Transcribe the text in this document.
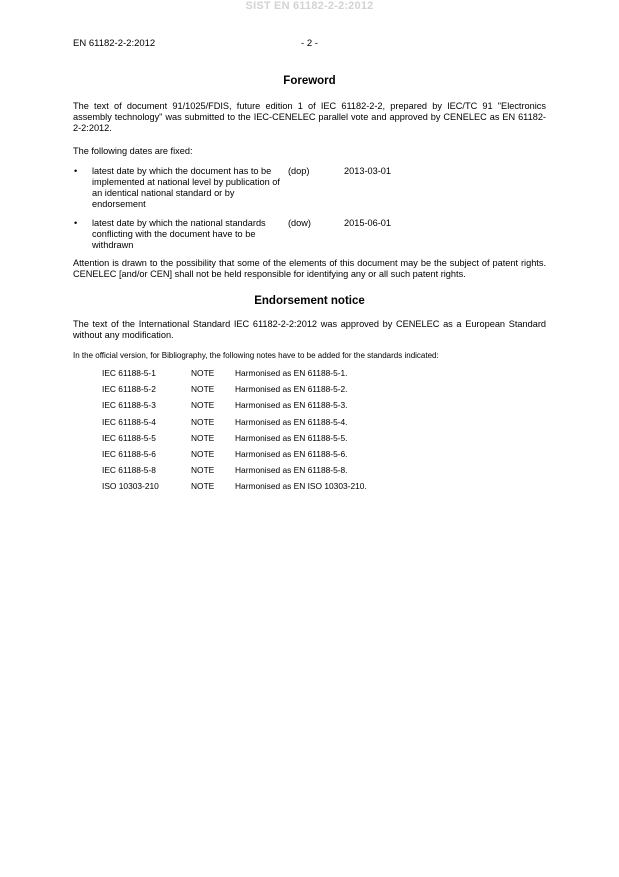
SIST EN 61182-2-2:2012
EN 61182-2-2:2012	- 2 -
Foreword

The text of document 91/1025/FDIS, future edition 1 of IEC 61182-2-2, prepared by IEC/TC 91 "Electronics assembly technology" was submitted to the IEC-CENELEC parallel vote and approved by CENELEC as EN 61182-2-2:2012.

The following dates are fixed:

•	latest date by which the document has to be implemented at national level by publication of an identical national standard or by endorsement
(dop)	2013-03-01
•	latest date by which the national standards conflicting with the document have to be withdrawn
(dow)	2015-06-01

Attention is drawn to the possibility that some of the elements of this document may be the subject of patent rights. CENELEC [and/or CEN] shall not be held responsible for identifying any or all such patent rights.

Endorsement notice

The text of the International Standard IEC 61182-2-2:2012 was approved by CENELEC as a European Standard without any modification.

In the official version, for Bibliography, the following notes have to be added for the standards indicated:

IEC 61188-5-1	NOTE	Harmonised as EN 61188-5-1.
IEC 61188-5-2	NOTE	Harmonised as EN 61188-5-2.
IEC 61188-5-3	NOTE	Harmonised as EN 61188-5-3.
IEC 61188-5-4	NOTE	Harmonised as EN 61188-5-4.
IEC 61188-5-5	NOTE	Harmonised as EN 61188-5-5.
IEC 61188-5-6	NOTE	Harmonised as EN 61188-5-6.
IEC 61188-5-8	NOTE	Harmonised as EN 61188-5-8.
ISO 10303-210	NOTE	Harmonised as EN ISO 10303-210.
